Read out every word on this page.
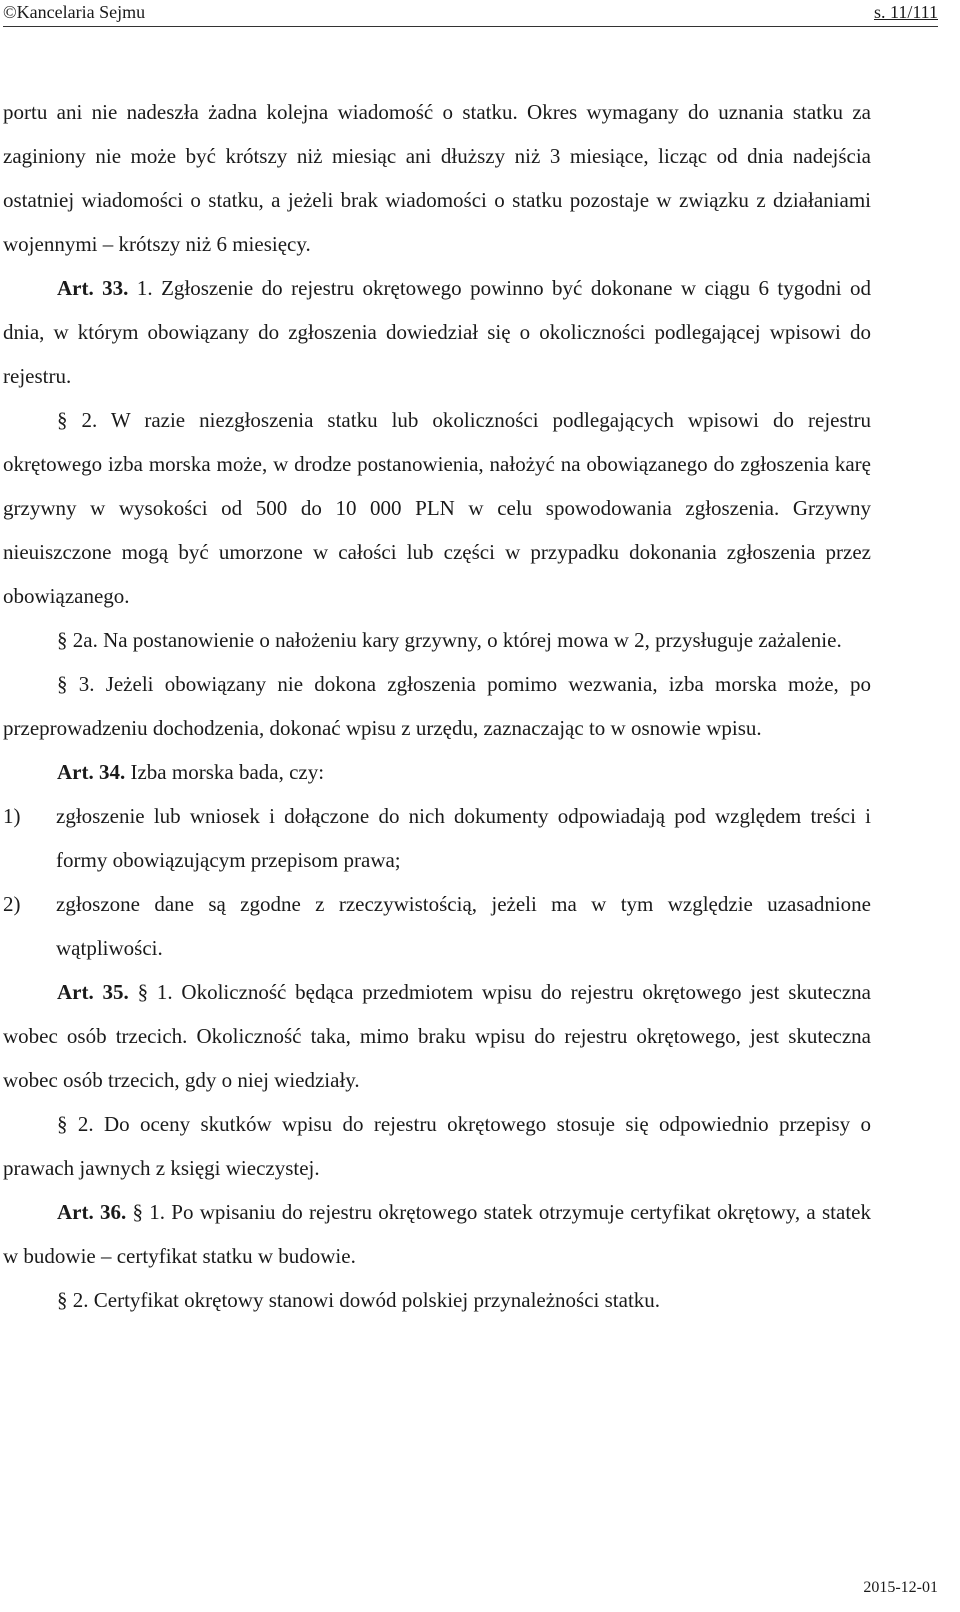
©Kancelaria Sejmu	s. 11/111

portu ani nie nadeszła żadna kolejna wiadomość o statku. Okres wymagany do uznania statku za zaginiony nie może być krótszy niż miesiąc ani dłuższy niż 3 miesiące, licząc od dnia nadejścia ostatniej wiadomości o statku, a jeżeli brak wiadomości o statku pozostaje w związku z działaniami wojennymi – krótszy niż 6 miesięcy.

Art. 33. 1. Zgłoszenie do rejestru okrętowego powinno być dokonane w ciągu 6 tygodni od dnia, w którym obowiązany do zgłoszenia dowiedział się o okoliczności podlegającej wpisowi do rejestru.

§ 2. W razie niezgłoszenia statku lub okoliczności podlegających wpisowi do rejestru okrętowego izba morska może, w drodze postanowienia, nałożyć na obowiązanego do zgłoszenia karę grzywny w wysokości od 500 do 10 000 PLN w celu spowodowania zgłoszenia. Grzywny nieuiszczone mogą być umorzone w całości lub części w przypadku dokonania zgłoszenia przez obowiązanego.

§ 2a. Na postanowienie o nałożeniu kary grzywny, o której mowa w 2, przysługuje zażalenie.

§ 3. Jeżeli obowiązany nie dokona zgłoszenia pomimo wezwania, izba morska może, po przeprowadzeniu dochodzenia, dokonać wpisu z urzędu, zaznaczając to w osnowie wpisu.

Art. 34. Izba morska bada, czy:

1) zgłoszenie lub wniosek i dołączone do nich dokumenty odpowiadają pod względem treści i formy obowiązującym przepisom prawa;
2) zgłoszone dane są zgodne z rzeczywistością, jeżeli ma w tym względzie uzasadnione wątpliwości.

Art. 35. § 1. Okoliczność będąca przedmiotem wpisu do rejestru okrętowego jest skuteczna wobec osób trzecich. Okoliczność taka, mimo braku wpisu do rejestru okrętowego, jest skuteczna wobec osób trzecich, gdy o niej wiedziały.

§ 2. Do oceny skutków wpisu do rejestru okrętowego stosuje się odpowiednio przepisy o prawach jawnych z księgi wieczystej.

Art. 36. § 1. Po wpisaniu do rejestru okrętowego statek otrzymuje certyfikat okrętowy, a statek w budowie – certyfikat statku w budowie.

§ 2. Certyfikat okrętowy stanowi dowód polskiej przynależności statku.

2015-12-01
